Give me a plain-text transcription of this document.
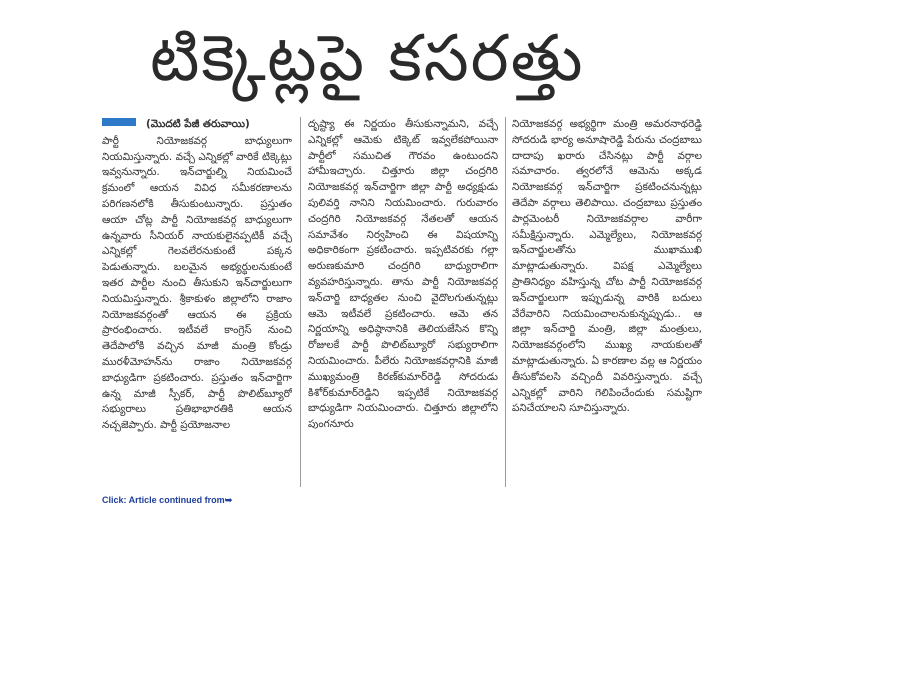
టిక్కెట్లపై కసరత్తు
(మొదటి పేజీ తరువాయి)

పార్టీ నియోజకవర్గ బాధ్యులుగా నియమిస్తున్నారు. వచ్చే ఎన్నికల్లో వారికే టిక్కెట్లు ఇవ్వనున్నారు. ఇన్‌చార్జుల్ని నియమించే క్రమంలో ఆయన వివిధ సమీకరణాలను పరిగణనలోకి తీసుకుంటున్నారు. ప్రస్తుతం ఆయా చోట్ల పార్టీ నియోజకవర్గ బాధ్యులుగా ఉన్నవారు సీనియర్ నాయకులైనప్పటికీ వచ్చే ఎన్నికల్లో గెలవలేరనుకుంటే పక్కన పెడుతున్నారు. బలమైన అభ్యర్థులనుకుంటే ఇతర పార్టీల నుంచి తీసుకుని ఇన్‌చార్జులుగా నియమిస్తున్నారు. శ్రీకాకుళం జిల్లాలోని రాజాం నియోజకవర్గంతో ఆయన ఈ ప్రక్రియ ప్రారంభించారు. ఇటీవలే కాంగ్రెస్ నుంచి తెదేపాలోకి వచ్చిన మాజీ మంత్రి కోండ్రు మురళీమోహన్‌ను రాజాం నియోజకవర్గ బాధ్యుడిగా ప్రకటించారు. ప్రస్తుతం ఇన్‌చార్జిగా ఉన్న మాజీ స్పీకర్, పార్టీ పొలిట్‌బ్యూరో సభ్యురాలు ప్రతిభాభారతికి ఆయన నచ్చజెప్పారు. పార్టీ ప్రయోజనాల

దృష్ట్యా ఈ నిర్ణయం తీసుకున్నామని, వచ్చే ఎన్నికల్లో ఆమెకు టిక్కెట్ ఇవ్వలేకపోయినా పార్టీలో సముచిత గౌరవం ఉంటుందని హామీఇచ్చారు. చిత్తూరు జిల్లా చంద్రగిరి నియోజకవర్గ ఇన్‌చార్జిగా జిల్లా పార్టీ అధ్యక్షుడు పులివర్తి నానిని నియమించారు. గురువారం చంద్రగిరి నియోజకవర్గ నేతలతో ఆయన సమావేశం నిర్వహించి ఈ విషయాన్ని అధికారికంగా ప్రకటించారు. ఇప్పటివరకు గల్లా అరుణకుమారి చంద్రగిరి బాధ్యురాలిగా వ్యవహరిస్తున్నారు. తాను పార్టీ నియోజకవర్గ ఇన్‌చార్జి బాధ్యతల నుంచి వైదొలగుతున్నట్లు ఆమె ఇటీవలే ప్రకటించారు. ఆమె తన నిర్ణయాన్ని అధిష్ఠానానికి తెలియజేసిన కొన్ని రోజులకే పార్టీ పొలిట్‌బ్యూరో సభ్యురాలిగా నియమించారు. పీలేరు నియోజకవర్గానికి మాజీ ముఖ్యమంత్రి కిరణ్‌కుమార్‌రెడ్డి సోదరుడు కిశోర్‌కుమార్‌రెడ్డిని ఇప్పటికే నియోజకవర్గ బాధ్యుడిగా నియమించారు. చిత్తూరు జిల్లాలోని పుంగనూరు

నియోజకవర్గ అభ్యర్థిగా మంత్రి అమరనాథరెడ్డి సోదరుడి భార్య అనూషారెడ్డి పేరును చంద్రబాబు దాదాపు ఖరారు చేసినట్లు పార్టీ వర్గాల సమాచారం. త్వరలోనే ఆమెను అక్కడ నియోజకవర్గ ఇన్‌చార్జిగా ప్రకటించనున్నట్లు తెదేపా వర్గాలు తెలిపాయి. చంద్రబాబు ప్రస్తుతం పార్లమెంటరీ నియోజకవర్గాల వారీగా సమీక్షిస్తున్నారు. ఎమ్మెల్యేలు, నియోజకవర్గ ఇన్‌చార్జులతోను ముఖాముఖి మాట్లాడుతున్నారు. విపక్ష ఎమ్మెల్యేలు ప్రాతినిధ్యం వహిస్తున్న చోట పార్టీ నియోజకవర్గ ఇన్‌చార్జులుగా ఇప్పుడున్న వారికి బదులు వేరేవారిని నియమించాలనుకున్నప్పుడు.. ఆ జిల్లా ఇన్‌చార్జి మంత్రి, జిల్లా మంత్రులు, నియోజకవర్గంలోని ముఖ్య నాయకులతో మాట్లాడుతున్నారు. ఏ కారణాల వల్ల ఆ నిర్ణయం తీసుకోవలసి వచ్చిందీ వివరిస్తున్నారు. వచ్చే ఎన్నికల్లో వారిని గెలిపించేందుకు సమష్టిగా పనిచేయాలని సూచిస్తున్నారు.

Click: Article continued from➥
